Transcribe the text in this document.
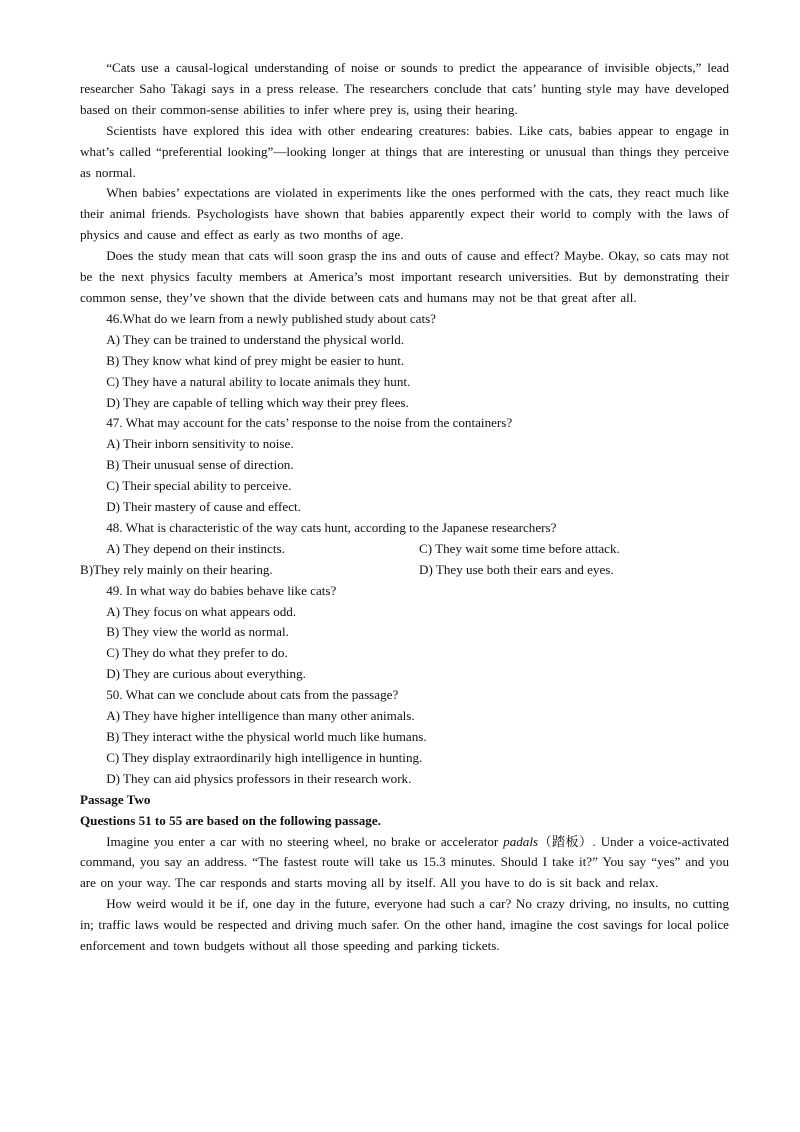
“Cats use a causal-logical understanding of noise or sounds to predict the appearance of invisible objects,” lead researcher Saho Takagi says in a press release. The researchers conclude that cats’ hunting style may have developed based on their common-sense abilities to infer where prey is, using their hearing.

Scientists have explored this idea with other endearing creatures: babies. Like cats, babies appear to engage in what’s called “preferential looking”—looking longer at things that are interesting or unusual than things they perceive as normal.

When babies’ expectations are violated in experiments like the ones performed with the cats, they react much like their animal friends. Psychologists have shown that babies apparently expect their world to comply with the laws of physics and cause and effect as early as two months of age.

Does the study mean that cats will soon grasp the ins and outs of cause and effect? Maybe. Okay, so cats may not be the next physics faculty members at America’s most important research universities. But by demonstrating their common sense, they’ve shown that the divide between cats and humans may not be that great after all.

46.What do we learn from a newly published study about cats?

A) They can be trained to understand the physical world.

B) They know what kind of prey might be easier to hunt.

C) They have a natural ability to locate animals they hunt.

D) They are capable of telling which way their prey flees.

47. What may account for the cats’ response to the noise from the containers?

A) Their inborn sensitivity to noise.

B) Their unusual sense of direction.

C) Their special ability to perceive.

D) Their mastery of cause and effect.

48. What is characteristic of the way cats hunt, according to the Japanese researchers?

A) They depend on their instincts.	C) They wait some time before attack.
B)They rely mainly on their hearing.	D) They use both their ears and eyes.

49. In what way do babies behave like cats?

A) They focus on what appears odd.

B) They view the world as normal.

C) They do what they prefer to do.

D) They are curious about everything.

50. What can we conclude about cats from the passage?

A) They have higher intelligence than many other animals.

B) They interact withe the physical world much like humans.

C) They display extraordinarily high intelligence in hunting.

D) They can aid physics professors in their research work.

Passage Two

Questions 51 to 55 are based on the following passage.

Imagine you enter a car with no steering wheel, no brake or accelerator padals（踏板）. Under a voice-activated command, you say an address. “The fastest route will take us 15.3 minutes. Should I take it?” You say “yes” and you are on your way. The car responds and starts moving all by itself. All you have to do is sit back and relax.

How weird would it be if, one day in the future, everyone had such a car? No crazy driving, no insults, no cutting in; traffic laws would be respected and driving much safer. On the other hand, imagine the cost savings for local police enforcement and town budgets without all those speeding and parking tickets.
